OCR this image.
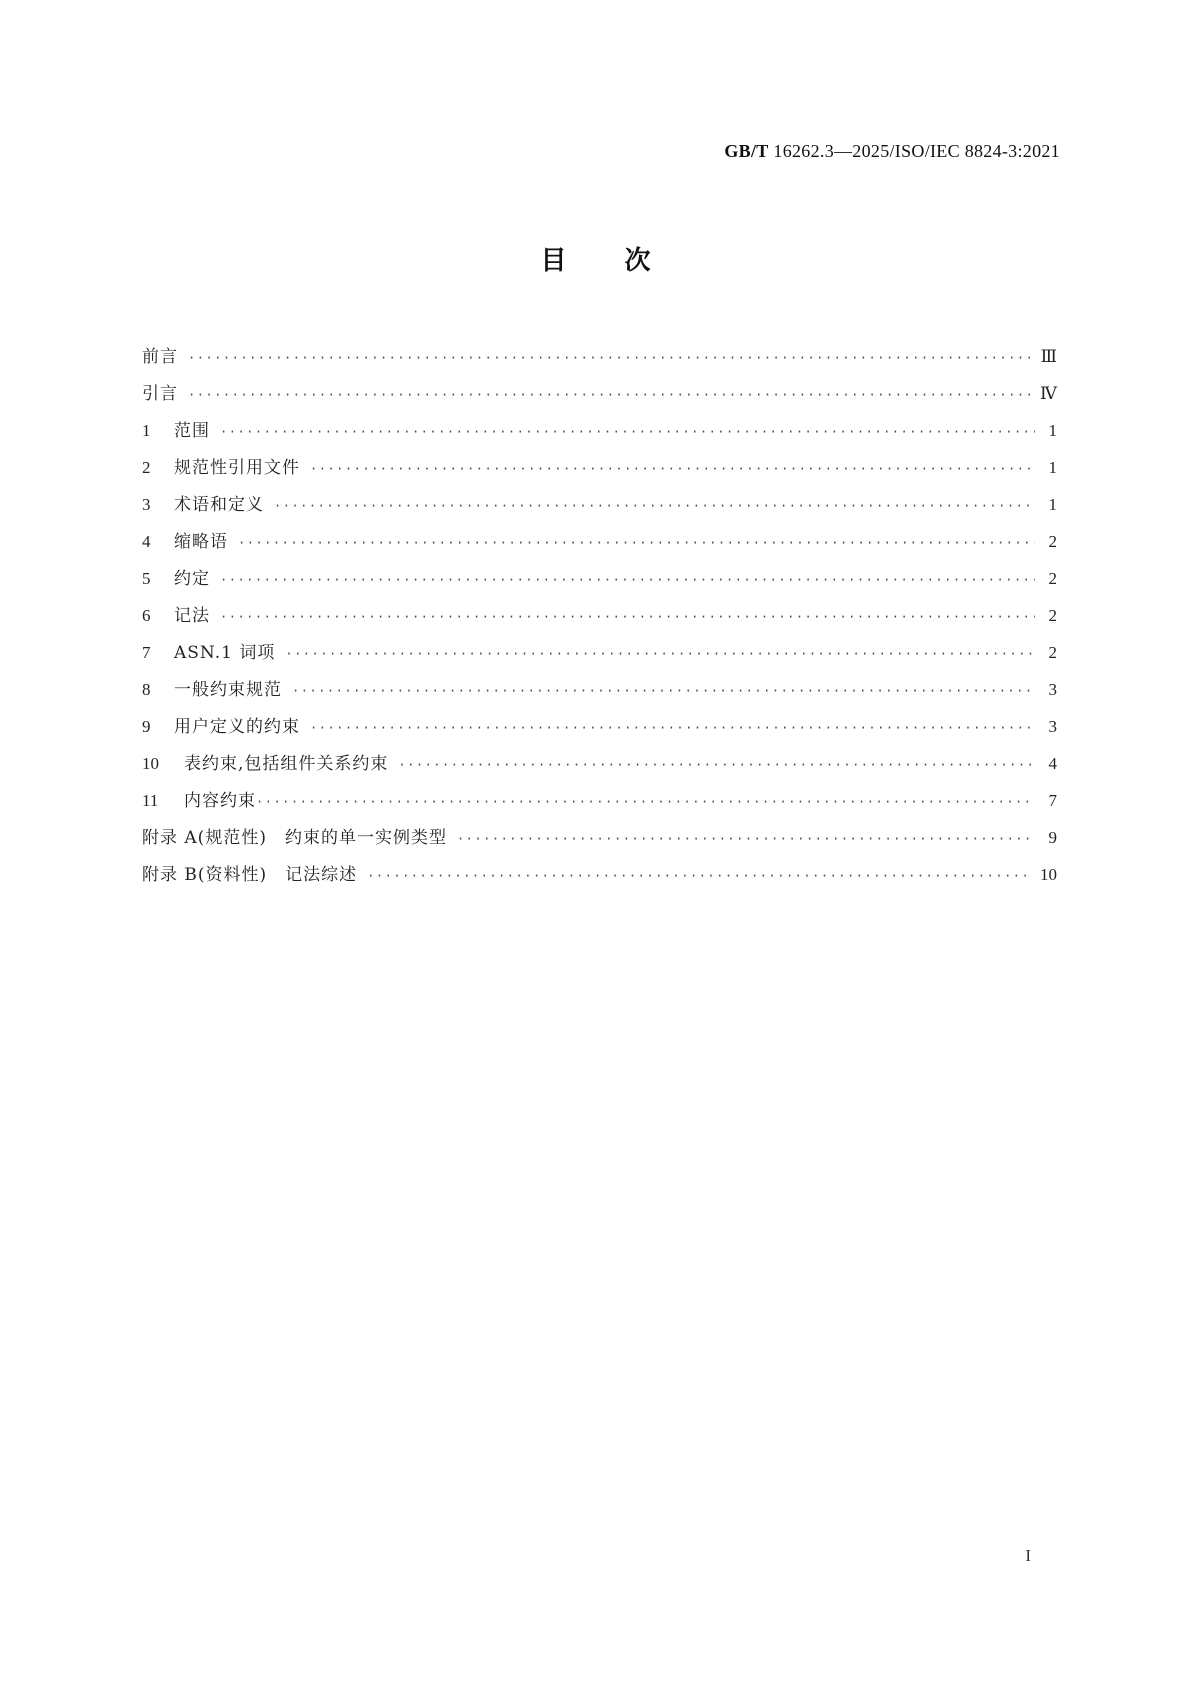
GB/T 16262.3—2025/ISO/IEC 8824-3:2021
目次
前言 ·····	Ⅲ
引言 ·····	Ⅳ
1	范围 ·····	1
2	规范性引用文件 ·····	1
3	术语和定义 ·····	1
4	缩略语 ·····	2
5	约定 ·····	2
6	记法 ·····	2
7	ASN.1 词项 ·····	2
8	一般约束规范 ·····	3
9	用户定义的约束 ·····	3
10	表约束,包括组件关系约束 ·····	4
11	内容约束 ·····	7
附录 A(规范性)　约束的单一实例类型 ·····	9
附录 B(资料性)　记法综述 ·····	10
I
